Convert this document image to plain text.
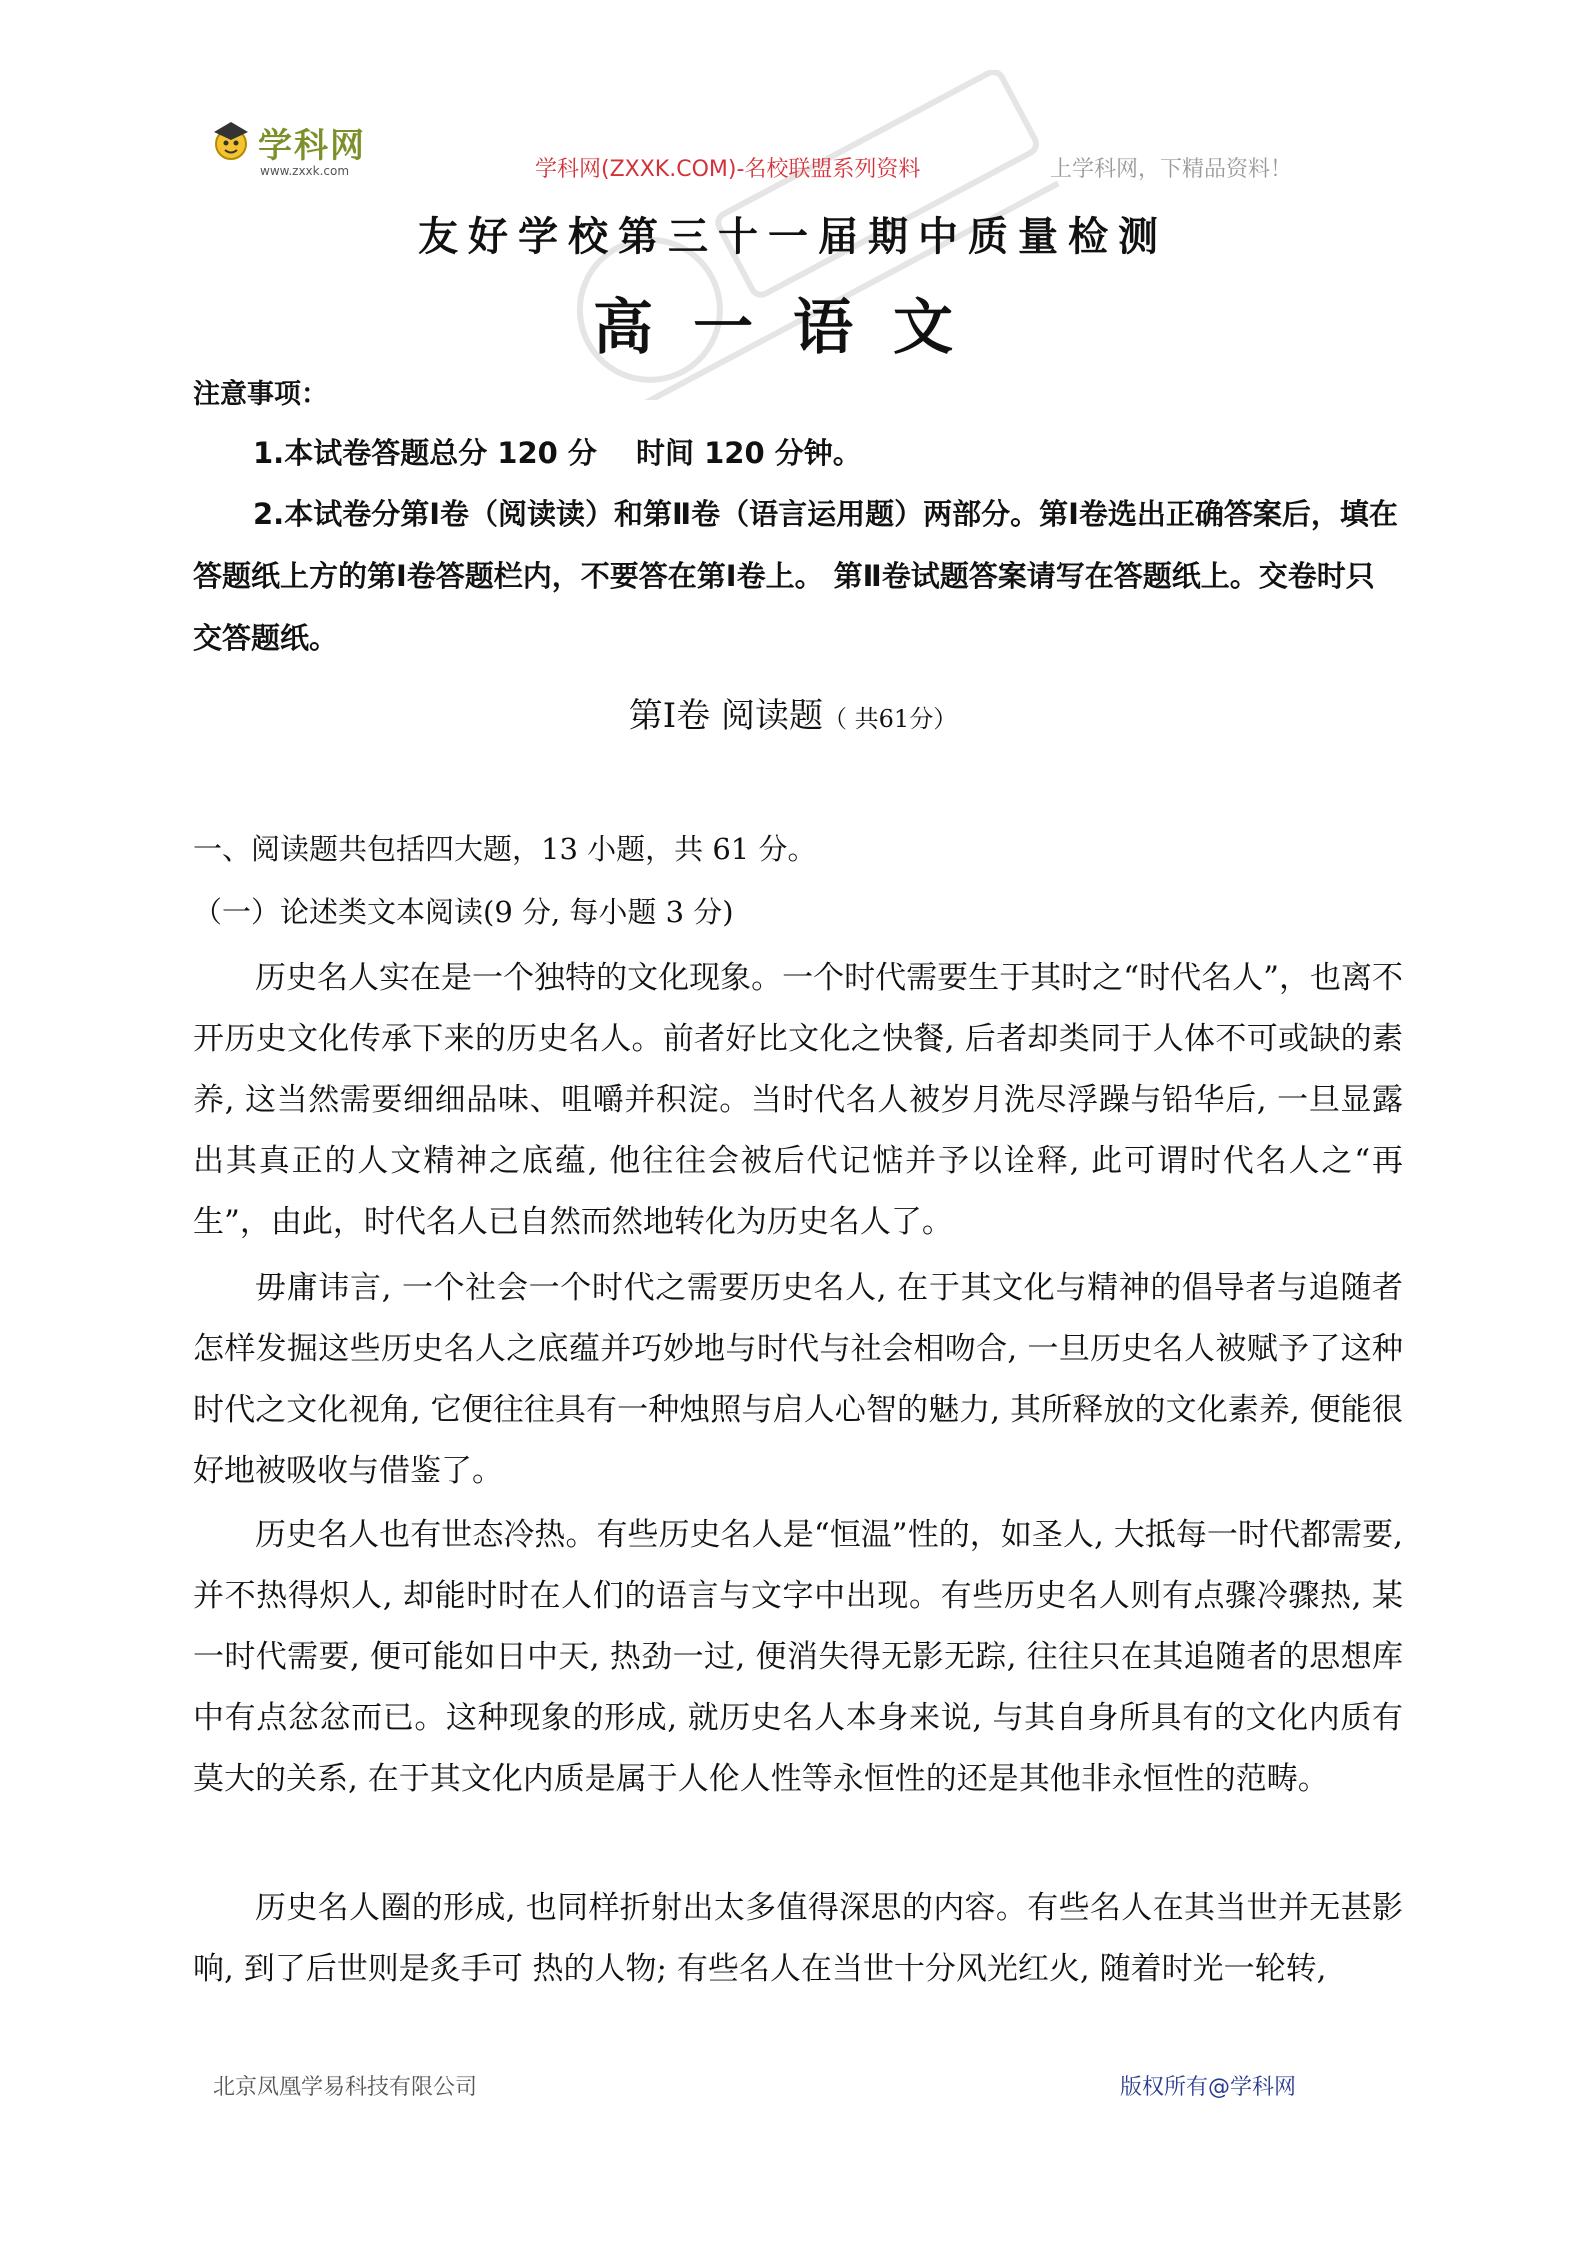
学科网
www.zxxk.com	学科网(ZXXK.COM)-名校联盟系列资料	上学科网，下精品资料！
友好学校第三十一届期中质量检测
高一语文
注意事项：
1.本试卷答题总分 120 分　 时间 120 分钟。
2.本试卷分第Ⅰ卷（阅读读）和第Ⅱ卷（语言运用题）两部分。第Ⅰ卷选出正确答案后，填在答题纸上方的第Ⅰ卷答题栏内，不要答在第Ⅰ卷上。 第Ⅱ卷试题答案请写在答题纸上。交卷时只交答题纸。
第Ⅰ卷 阅读题（ 共61分）
一、阅读题共包括四大题，13 小题，共 61 分。
（一）论述类文本阅读(9 分, 每小题 3 分)

历史名人实在是一个独特的文化现象。一个时代需要生于其时之“时代名人”，也离不开历史文化传承下来的历史名人。前者好比文化之快餐, 后者却类同于人体不可或缺的素养, 这当然需要细细品味、咀嚼并积淀。当时代名人被岁月洗尽浮躁与铅华后, 一旦显露出其真正的人文精神之底蕴, 他往往会被后代记惦并予以诠释, 此可谓时代名人之“再生”，由此，时代名人已自然而然地转化为历史名人了。

毋庸讳言, 一个社会一个时代之需要历史名人, 在于其文化与精神的倡导者与追随者怎样发掘这些历史名人之底蕴并巧妙地与时代与社会相吻合, 一旦历史名人被赋予了这种时代之文化视角, 它便往往具有一种烛照与启人心智的魅力, 其所释放的文化素养, 便能很好地被吸收与借鉴了。

历史名人也有世态冷热。有些历史名人是“恒温”性的，如圣人, 大抵每一时代都需要, 并不热得炽人, 却能时时在人们的语言与文字中出现。有些历史名人则有点骤冷骤热, 某一时代需要, 便可能如日中天, 热劲一过, 便消失得无影无踪, 往往只在其追随者的思想库中有点忿忿而已。这种现象的形成, 就历史名人本身来说, 与其自身所具有的文化内质有莫大的关系, 在于其文化内质是属于人伦人性等永恒性的还是其他非永恒性的范畴。

历史名人圈的形成, 也同样折射出太多值得深思的内容。有些名人在其当世并无甚影响, 到了后世则是炙手可 热的人物; 有些名人在当世十分风光红火, 随着时光一轮转,

北京凤凰学易科技有限公司	版权所有@学科网
